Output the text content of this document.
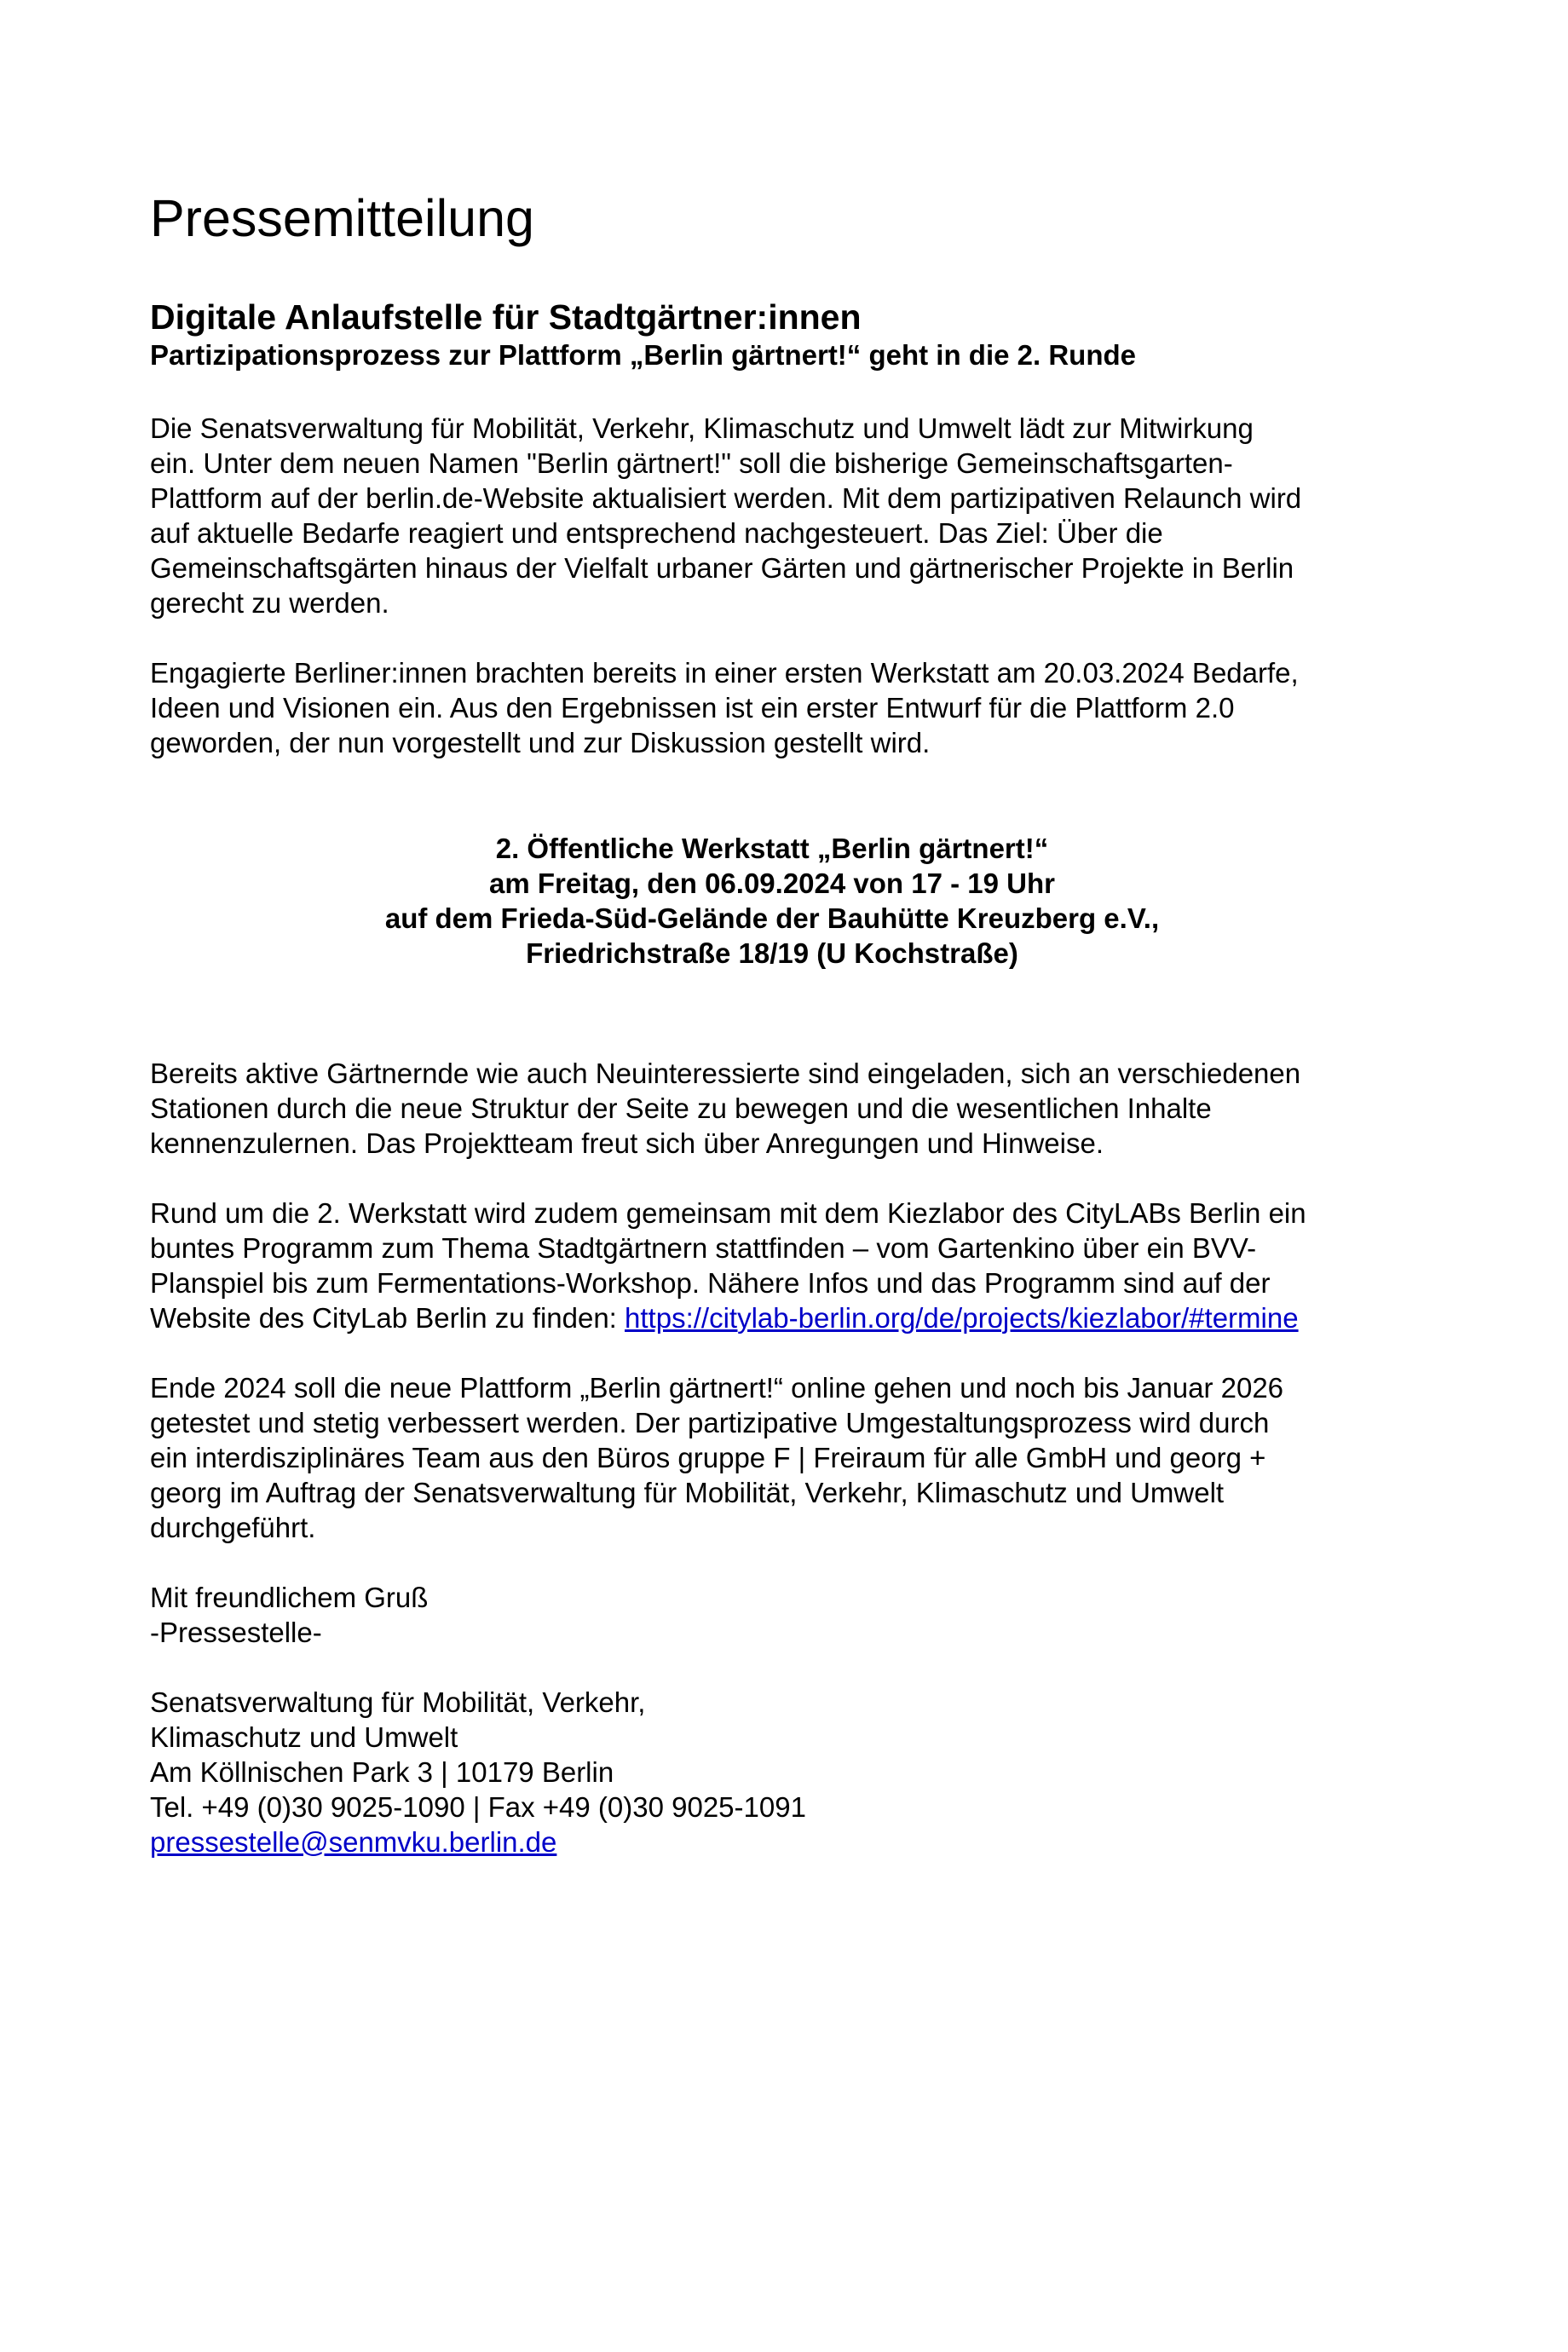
Pressemitteilung
Digitale Anlaufstelle für Stadtgärtner:innen
Partizipationsprozess zur Plattform „Berlin gärtnert!“ geht in die 2. Runde

Die Senatsverwaltung für Mobilität, Verkehr, Klimaschutz und Umwelt lädt zur Mitwirkung
ein. Unter dem neuen Namen "Berlin gärtnert!" soll die bisherige Gemeinschaftsgarten-
Plattform auf der berlin.de-Website aktualisiert werden. Mit dem partizipativen Relaunch wird
auf aktuelle Bedarfe reagiert und entsprechend nachgesteuert. Das Ziel: Über die
Gemeinschaftsgärten hinaus der Vielfalt urbaner Gärten und gärtnerischer Projekte in Berlin
gerecht zu werden.

Engagierte Berliner:innen brachten bereits in einer ersten Werkstatt am 20.03.2024 Bedarfe,
Ideen und Visionen ein. Aus den Ergebnissen ist ein erster Entwurf für die Plattform 2.0
geworden, der nun vorgestellt und zur Diskussion gestellt wird.

2. Öffentliche Werkstatt „Berlin gärtnert!“
am Freitag, den 06.09.2024 von 17 - 19 Uhr
auf dem Frieda-Süd-Gelände der Bauhütte Kreuzberg e.V.,
Friedrichstraße 18/19 (U Kochstraße)

Bereits aktive Gärtnernde wie auch Neuinteressierte sind eingeladen, sich an verschiedenen
Stationen durch die neue Struktur der Seite zu bewegen und die wesentlichen Inhalte
kennenzulernen. Das Projektteam freut sich über Anregungen und Hinweise.

Rund um die 2. Werkstatt wird zudem gemeinsam mit dem Kiezlabor des CityLABs Berlin ein
buntes Programm zum Thema Stadtgärtnern stattfinden – vom Gartenkino über ein BVV-
Planspiel bis zum Fermentations-Workshop. Nähere Infos und das Programm sind auf der
Website des CityLab Berlin zu finden: https://citylab-berlin.org/de/projects/kiezlabor/#termine

Ende 2024 soll die neue Plattform „Berlin gärtnert!“ online gehen und noch bis Januar 2026
getestet und stetig verbessert werden. Der partizipative Umgestaltungsprozess wird durch
ein interdisziplinäres Team aus den Büros gruppe F | Freiraum für alle GmbH und georg +
georg im Auftrag der Senatsverwaltung für Mobilität, Verkehr, Klimaschutz und Umwelt
durchgeführt.

Mit freundlichem Gruß
-Pressestelle-

Senatsverwaltung für Mobilität, Verkehr,
Klimaschutz und Umwelt
Am Köllnischen Park 3 | 10179 Berlin
Tel. +49 (0)30 9025-1090 | Fax +49 (0)30 9025-1091
pressestelle@senmvku.berlin.de
